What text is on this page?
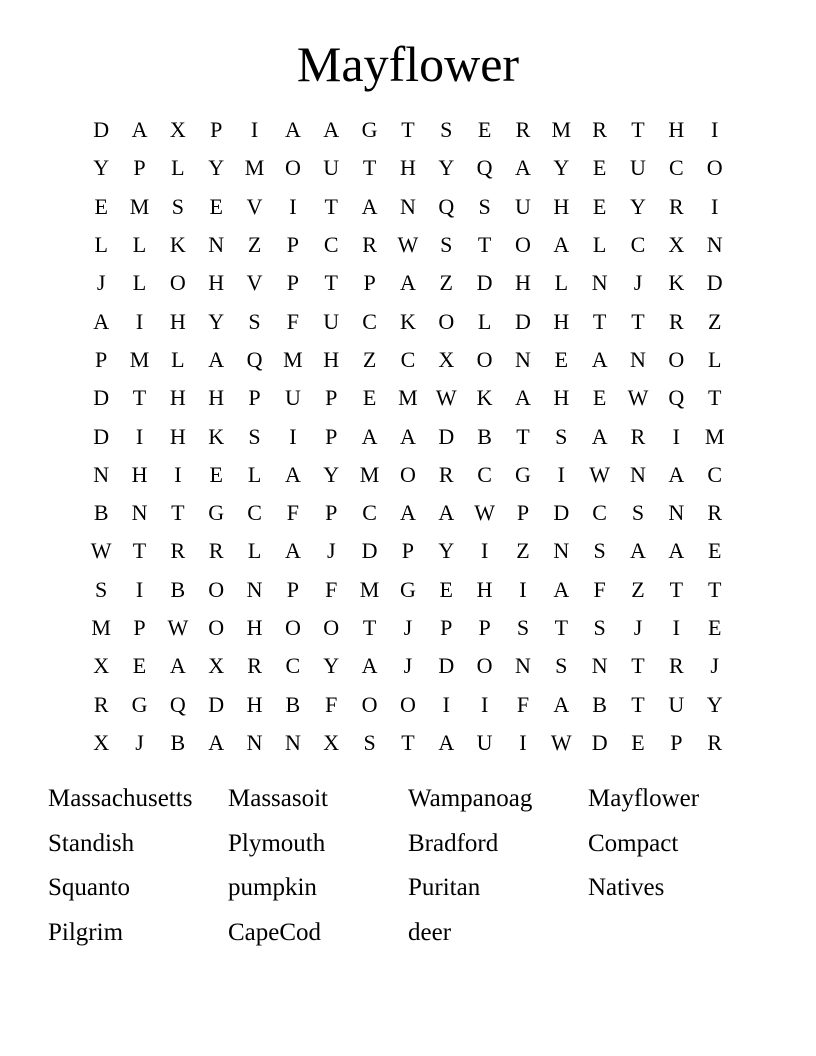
Mayflower
D	A	X	P	I	A	A	G	T	S	E	R M R	T	H	I
Y	P	L	Y M O	U	T	H	Y	Q	A	Y	E	U	C	O
E M	S	E	V	I	T	A	N	Q	S	U	H	E	Y	R	I
L	L	K	N	Z	P	C	R W S	T	O	A	L	C	X	N
J	L	O	H	V	P	T	P	A	Z	D	H	L	N	J	K	D
A	I	H	Y	S	F	U	C	K	O	L	D	H	T	T	R	Z
P	M L	A	Q M H	Z	C	X	O	N	E	A	N	O	L
D	T	H	H	P	U	P	E M W K	A	H	E W Q	T
D	I	H	K	S	I	P	A	A	D	B	T	S	A	R	I	M
N	H	I	E	L	A	Y M O	R	C	G	I	W N	A	C
B	N	T	G	C	F	P	C	A	A W P	D	C	S	N	R
W T	R	R	L	A	J	D	P	Y	I	Z	N	S	A	A	E
S	I	B	O	N	P	F	M G	E	H	I	A	F	Z	T	T
M	P W O	H	O	O	T	J	P	P	S	T	S	J	I	E
X	E	A	X	R	C	Y	A	J	D	O	N	S	N	T	R	J
R	G	Q	D	H	B	F	O	O	I	I	F	A	B	T	U	Y
X	J	B	A	N	N	X	S	T	A	U	I	W D	E	P	R
Massachusetts	Massasoit	Wampanoag	Mayflower
Standish	Plymouth	Bradford	Compact
Squanto	pumpkin	Puritan	Natives
Pilgrim	CapeCod	deer
